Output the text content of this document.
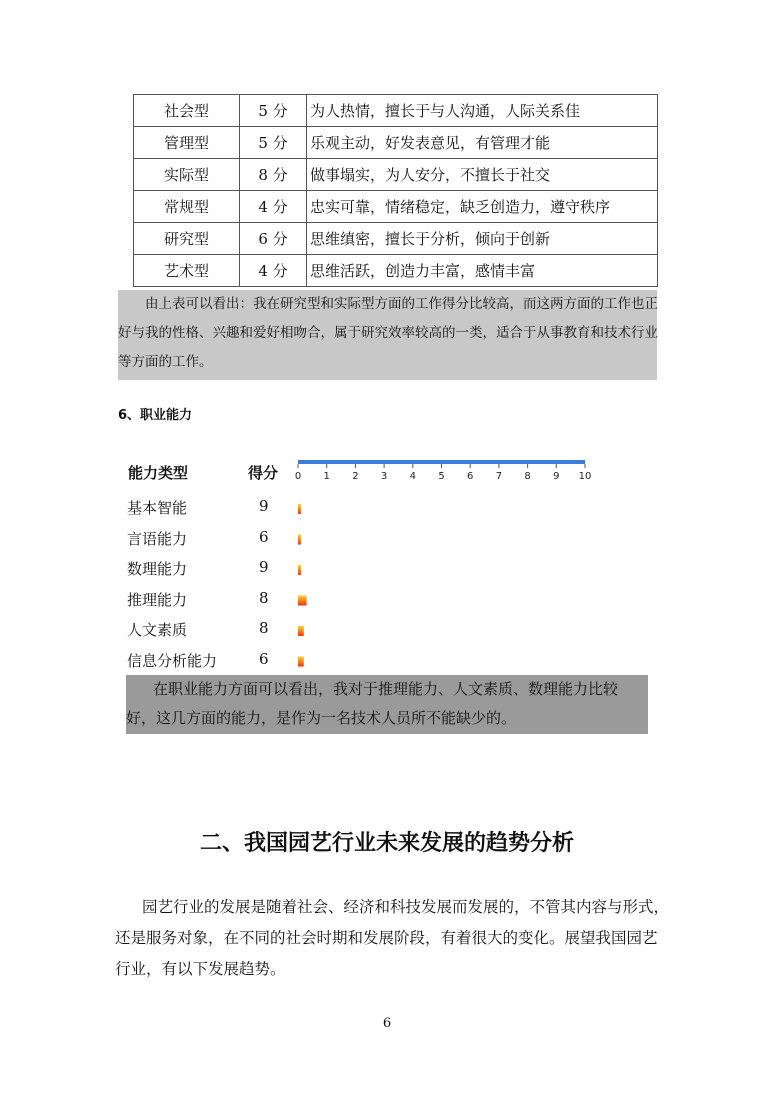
社会型	5 分	为人热情，擅长于与人沟通，人际关系佳
管理型	5 分	乐观主动，好发表意见，有管理才能
实际型	8 分	做事塌实，为人安分，不擅长于社交
常规型	4 分	忠实可靠，情绪稳定，缺乏创造力，遵守秩序
研究型	6 分	思维缜密，擅长于分析，倾向于创新
艺术型	4 分	思维活跃，创造力丰富，感情丰富
由上表可以看出：我在研究型和实际型方面的工作得分比较高，而这两方面的工作也正
好与我的性格、兴趣和爱好相吻合，属于研究效率较高的一类，适合于从事教育和技术行业
等方面的工作。
6、职业能力
能力类型	得分
基本智能	9
言语能力	6
数理能力	9
推理能力	8
人文素质	8
信息分析能力	6
0 1 2 3 4 5 6 7 8 9 10
在职业能力方面可以看出，我对于推理能力、人文素质、数理能力比较
好，这几方面的能力，是作为一名技术人员所不能缺少的。
二、我国园艺行业未来发展的趋势分析
园艺行业的发展是随着社会、经济和科技发展而发展的，不管其内容与形式，
还是服务对象，在不同的社会时期和发展阶段，有着很大的变化。展望我国园艺
行业，有以下发展趋势。
6
